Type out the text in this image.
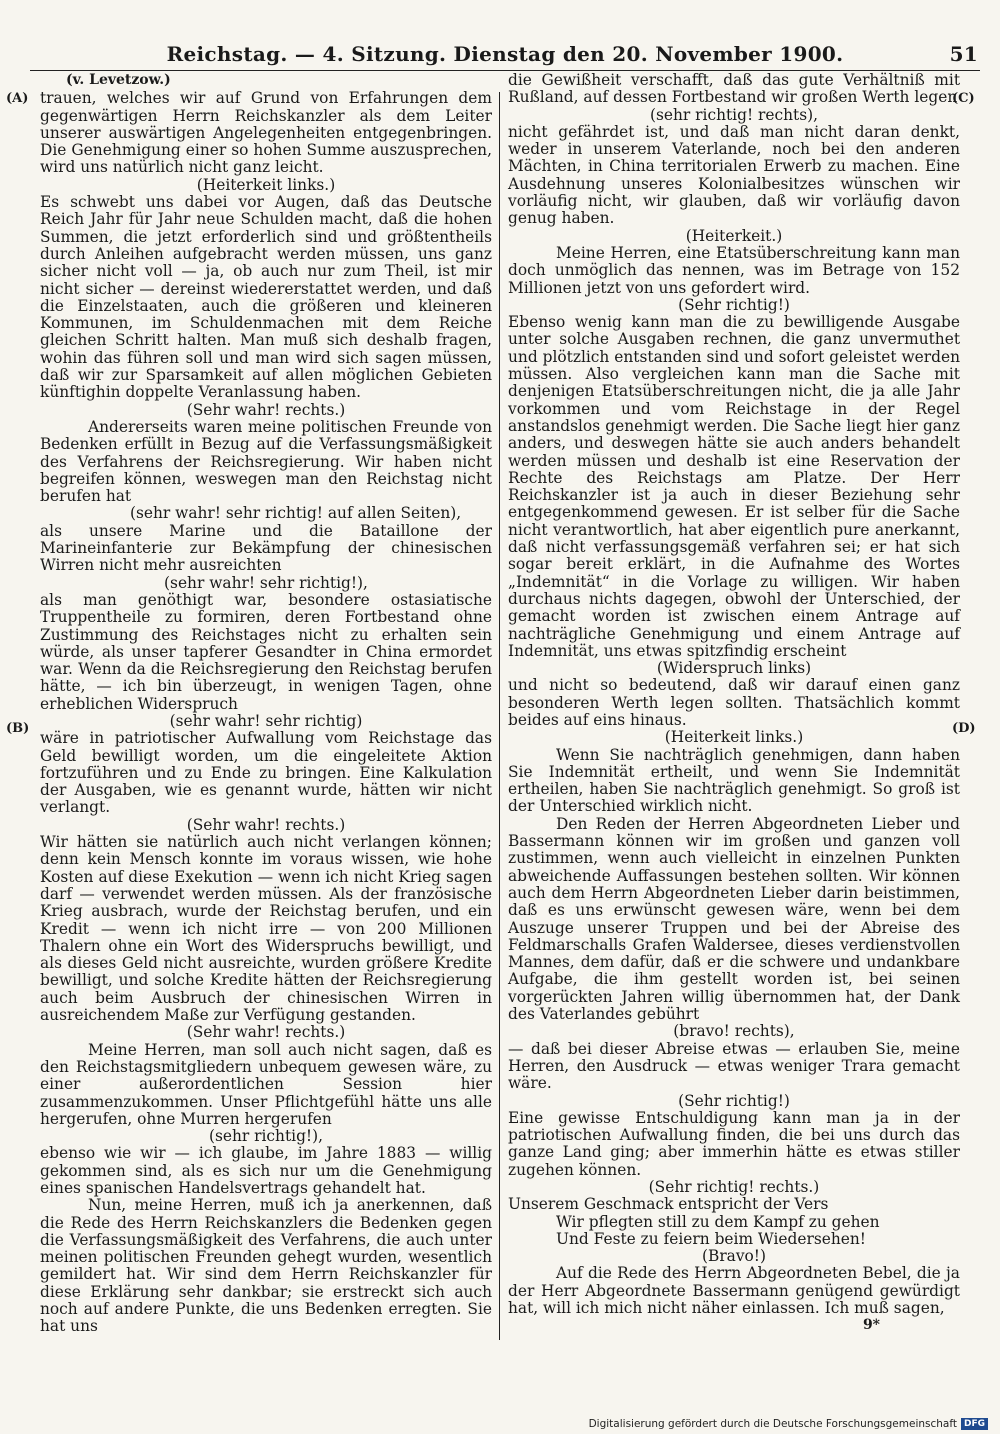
Reichstag. — 4. Sitzung. Dienstag den 20. November 1900.	51
(A)
(B)
(C)
(D)

(v. Levetzow.)

trauen, welches wir auf Grund von Erfahrungen dem gegenwärtigen Herrn Reichskanzler als dem Leiter unserer auswärtigen Angelegenheiten entgegenbringen. Die Genehmigung einer so hohen Summe auszusprechen, wird uns natürlich nicht ganz leicht.

(Heiterkeit links.)

Es schwebt uns dabei vor Augen, daß das Deutsche Reich Jahr für Jahr neue Schulden macht, daß die hohen Summen, die jetzt erforderlich sind und größtentheils durch Anleihen aufgebracht werden müssen, uns ganz sicher nicht voll — ja, ob auch nur zum Theil, ist mir nicht sicher — dereinst wiedererstattet werden, und daß die Einzelstaaten, auch die größeren und kleineren Kommunen, im Schuldenmachen mit dem Reiche gleichen Schritt halten. Man muß sich deshalb fragen, wohin das führen soll und man wird sich sagen müssen, daß wir zur Sparsamkeit auf allen möglichen Gebieten künftighin doppelte Veranlassung haben.

(Sehr wahr! rechts.)

Andererseits waren meine politischen Freunde von Bedenken erfüllt in Bezug auf die Verfassungsmäßigkeit des Verfahrens der Reichsregierung. Wir haben nicht begreifen können, weswegen man den Reichstag nicht berufen hat

(sehr wahr! sehr richtig! auf allen Seiten),

als unsere Marine und die Bataillone der Marineinfanterie zur Bekämpfung der chinesischen Wirren nicht mehr ausreichten

(sehr wahr! sehr richtig!),

als man genöthigt war, besondere ostasiatische Truppentheile zu formiren, deren Fortbestand ohne Zustimmung des Reichstages nicht zu erhalten sein würde, als unser tapferer Gesandter in China ermordet war. Wenn da die Reichsregierung den Reichstag berufen hätte, — ich bin überzeugt, in wenigen Tagen, ohne erheblichen Widerspruch

(sehr wahr! sehr richtig)

wäre in patriotischer Aufwallung vom Reichstage das Geld bewilligt worden, um die eingeleitete Aktion fortzuführen und zu Ende zu bringen. Eine Kalkulation der Ausgaben, wie es genannt wurde, hätten wir nicht verlangt.

(Sehr wahr! rechts.)

Wir hätten sie natürlich auch nicht verlangen können; denn kein Mensch konnte im voraus wissen, wie hohe Kosten auf diese Exekution — wenn ich nicht Krieg sagen darf — verwendet werden müssen. Als der französische Krieg ausbrach, wurde der Reichstag berufen, und ein Kredit — wenn ich nicht irre — von 200 Millionen Thalern ohne ein Wort des Widerspruchs bewilligt, und als dieses Geld nicht ausreichte, wurden größere Kredite bewilligt, und solche Kredite hätten der Reichsregierung auch beim Ausbruch der chinesischen Wirren in ausreichendem Maße zur Verfügung gestanden.

(Sehr wahr! rechts.)

Meine Herren, man soll auch nicht sagen, daß es den Reichstagsmitgliedern unbequem gewesen wäre, zu einer außerordentlichen Session hier zusammenzukommen. Unser Pflichtgefühl hätte uns alle hergerufen, ohne Murren hergerufen

(sehr richtig!),

ebenso wie wir — ich glaube, im Jahre 1883 — willig gekommen sind, als es sich nur um die Genehmigung eines spanischen Handelsvertrags gehandelt hat.

Nun, meine Herren, muß ich ja anerkennen, daß die Rede des Herrn Reichskanzlers die Bedenken gegen die Verfassungsmäßigkeit des Verfahrens, die auch unter meinen politischen Freunden gehegt wurden, wesentlich gemildert hat. Wir sind dem Herrn Reichskanzler für diese Erklärung sehr dankbar; sie erstreckt sich auch noch auf andere Punkte, die uns Bedenken erregten. Sie hat uns

die Gewißheit verschafft, daß das gute Verhältniß mit Rußland, auf dessen Fortbestand wir großen Werth legen

(sehr richtig! rechts),

nicht gefährdet ist, und daß man nicht daran denkt, weder in unserem Vaterlande, noch bei den anderen Mächten, in China territorialen Erwerb zu machen. Eine Ausdehnung unseres Kolonialbesitzes wünschen wir vorläufig nicht, wir glauben, daß wir vorläufig davon genug haben.

(Heiterkeit.)

Meine Herren, eine Etatsüberschreitung kann man doch unmöglich das nennen, was im Betrage von 152 Millionen jetzt von uns gefordert wird.

(Sehr richtig!)

Ebenso wenig kann man die zu bewilligende Ausgabe unter solche Ausgaben rechnen, die ganz unvermuthet und plötzlich entstanden sind und sofort geleistet werden müssen. Also vergleichen kann man die Sache mit denjenigen Etatsüberschreitungen nicht, die ja alle Jahr vorkommen und vom Reichstage in der Regel anstandslos genehmigt werden. Die Sache liegt hier ganz anders, und deswegen hätte sie auch anders behandelt werden müssen und deshalb ist eine Reservation der Rechte des Reichstags am Platze. Der Herr Reichskanzler ist ja auch in dieser Beziehung sehr entgegenkommend gewesen. Er ist selber für die Sache nicht verantwortlich, hat aber eigentlich pure anerkannt, daß nicht verfassungsgemäß verfahren sei; er hat sich sogar bereit erklärt, in die Aufnahme des Wortes „Indemnität“ in die Vorlage zu willigen. Wir haben durchaus nichts dagegen, obwohl der Unterschied, der gemacht worden ist zwischen einem Antrage auf nachträgliche Genehmigung und einem Antrage auf Indemnität, uns etwas spitzfindig erscheint

(Widerspruch links)

und nicht so bedeutend, daß wir darauf einen ganz besonderen Werth legen sollten. Thatsächlich kommt beides auf eins hinaus.

(Heiterkeit links.)

Wenn Sie nachträglich genehmigen, dann haben Sie Indemnität ertheilt, und wenn Sie Indemnität ertheilen, haben Sie nachträglich genehmigt. So groß ist der Unterschied wirklich nicht.

Den Reden der Herren Abgeordneten Lieber und Bassermann können wir im großen und ganzen voll zustimmen, wenn auch vielleicht in einzelnen Punkten abweichende Auffassungen bestehen sollten. Wir können auch dem Herrn Abgeordneten Lieber darin beistimmen, daß es uns erwünscht gewesen wäre, wenn bei dem Auszuge unserer Truppen und bei der Abreise des Feldmarschalls Grafen Waldersee, dieses verdienstvollen Mannes, dem dafür, daß er die schwere und undankbare Aufgabe, die ihm gestellt worden ist, bei seinen vorgerückten Jahren willig übernommen hat, der Dank des Vaterlandes gebührt

(bravo! rechts),

— daß bei dieser Abreise etwas — erlauben Sie, meine Herren, den Ausdruck — etwas weniger Trara gemacht wäre.

(Sehr richtig!)

Eine gewisse Entschuldigung kann man ja in der patriotischen Aufwallung finden, die bei uns durch das ganze Land ging; aber immerhin hätte es etwas stiller zugehen können.

(Sehr richtig! rechts.)

Unserem Geschmack entspricht der Vers

Wir pflegten still zu dem Kampf zu gehen

Und Feste zu feiern beim Wiedersehen!

(Bravo!)

Auf die Rede des Herrn Abgeordneten Bebel, die ja der Herr Abgeordnete Bassermann genügend gewürdigt hat, will ich mich nicht näher einlassen. Ich muß sagen,

9*

Digitalisierung gefördert durch die Deutsche Forschungsgemeinschaft DFG
